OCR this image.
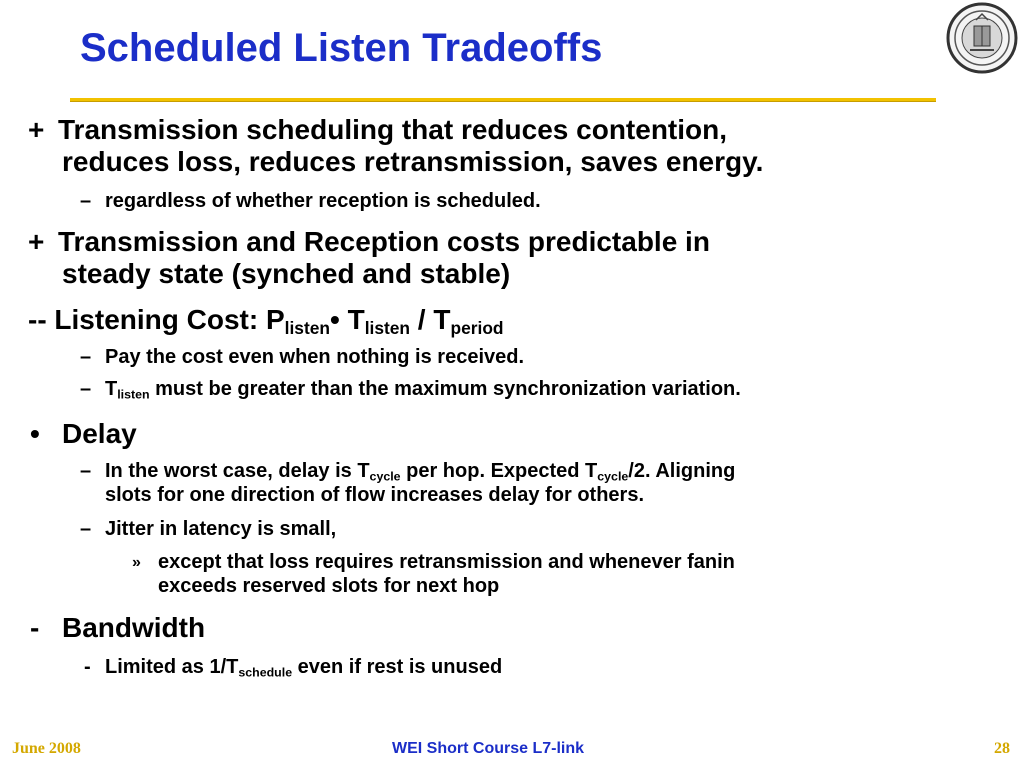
Scheduled Listen Tradeoffs
+ Transmission scheduling that reduces contention,
reduces loss, reduces retransmission, saves energy.
– regardless of whether reception is scheduled.
+ Transmission and Reception costs predictable in
steady state (synched and stable)
-- Listening Cost: $P_{listen}•$ $T_{listen} / T_{period}$
– Pay the cost even when nothing is received.
– $T_{listen}$ must be greater than the maximum synchronization variation.
• Delay
– In the worst case, delay is $T_{cycle}$ per hop. Expected $T_{cycle}/2$. Aligning
slots for one direction of flow increases delay for others.
– Jitter in latency is small,
» except that loss requires retransmission and whenever fanin
exceeds reserved slots for next hop
- Bandwidth
- Limited as $1/T_{schedule}$ even if rest is unused
June 2008	WEI Short Course L7-link	28
